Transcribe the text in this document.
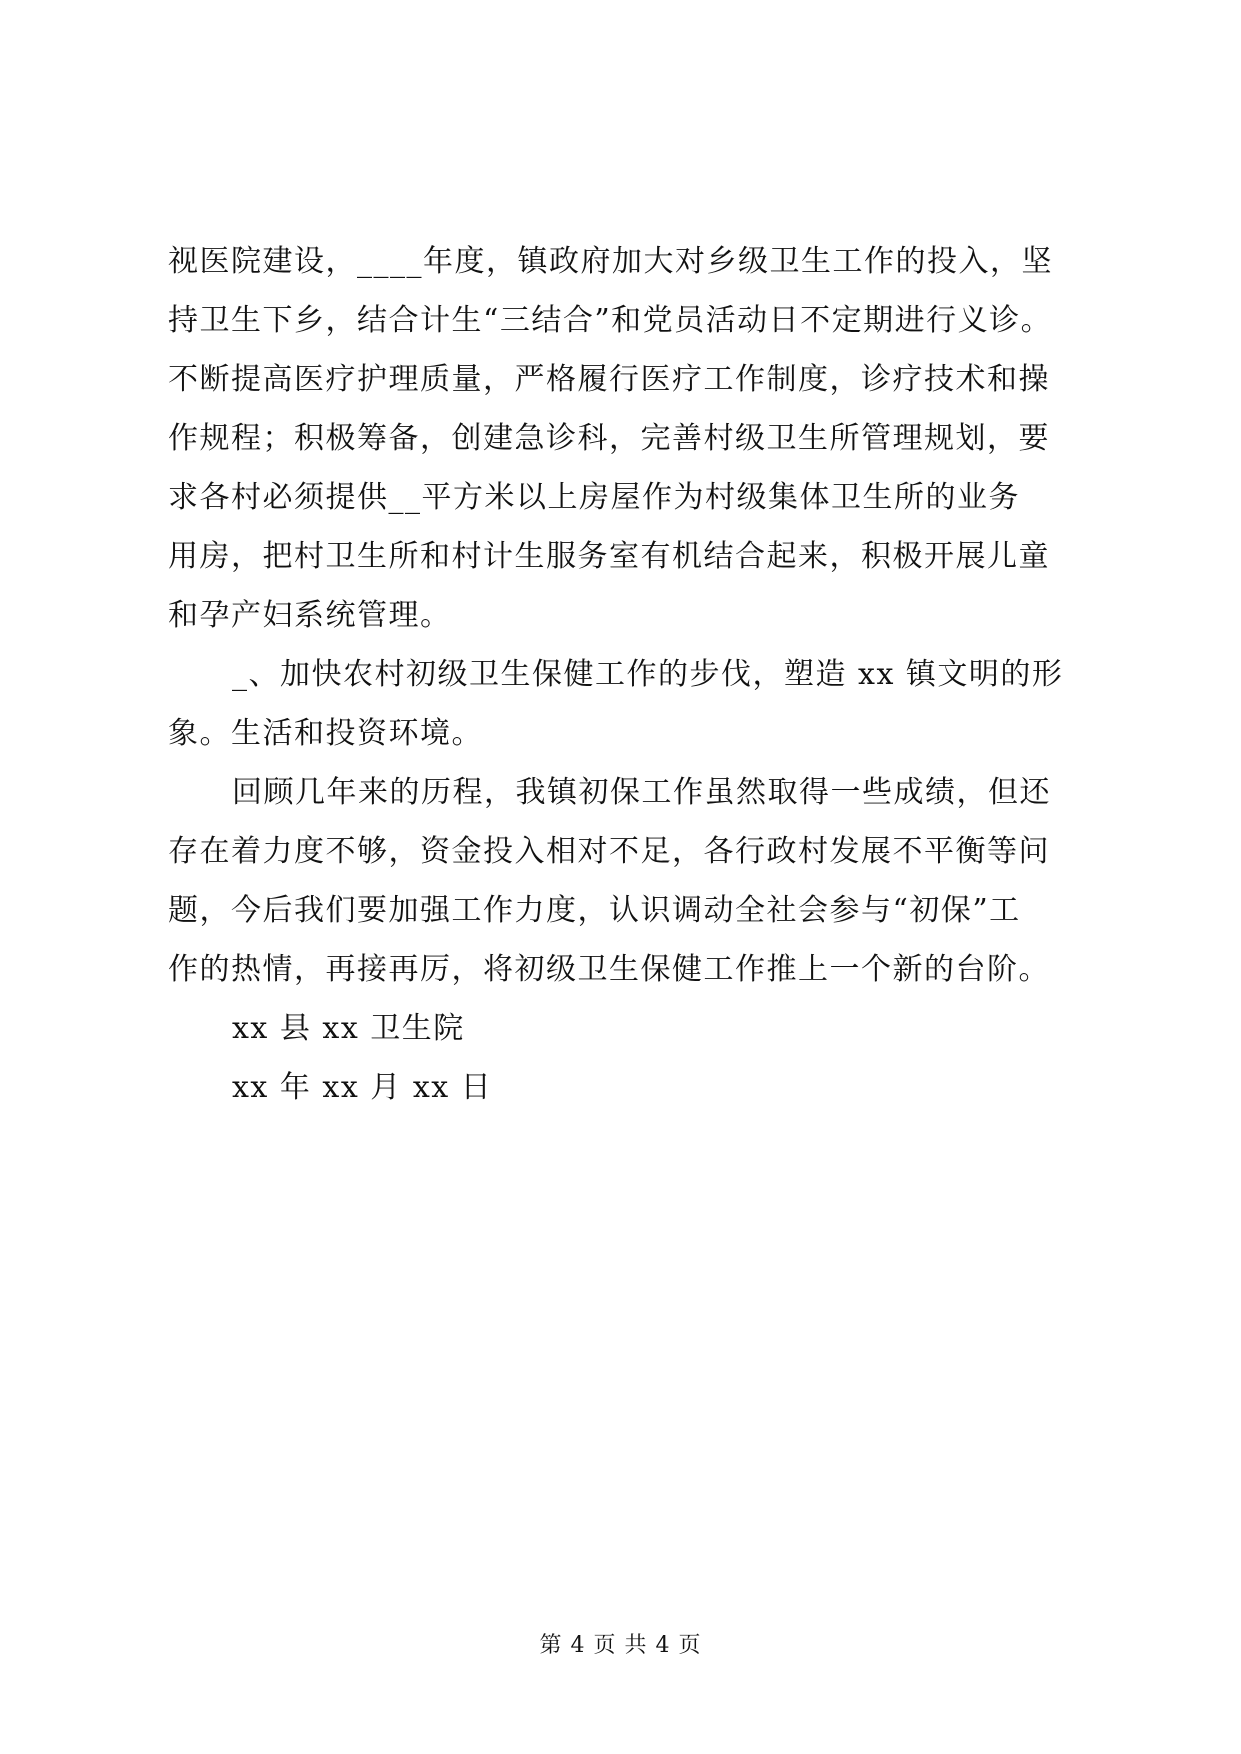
视医院建设，____年度，镇政府加大对乡级卫生工作的投入，坚
持卫生下乡，结合计生“三结合”和党员活动日不定期进行义诊。
不断提高医疗护理质量，严格履行医疗工作制度，诊疗技术和操
作规程；积极筹备，创建急诊科，完善村级卫生所管理规划，要
求各村必须提供__平方米以上房屋作为村级集体卫生所的业务
用房，把村卫生所和村计生服务室有机结合起来，积极开展儿童
和孕产妇系统管理。
_、加快农村初级卫生保健工作的步伐，塑造 xx 镇文明的形
象。生活和投资环境。
回顾几年来的历程，我镇初保工作虽然取得一些成绩，但还
存在着力度不够，资金投入相对不足，各行政村发展不平衡等问
题，今后我们要加强工作力度，认识调动全社会参与“初保”工
作的热情，再接再厉，将初级卫生保健工作推上一个新的台阶。
xx 县 xx 卫生院
xx 年 xx 月 xx 日
第 4 页 共 4 页
